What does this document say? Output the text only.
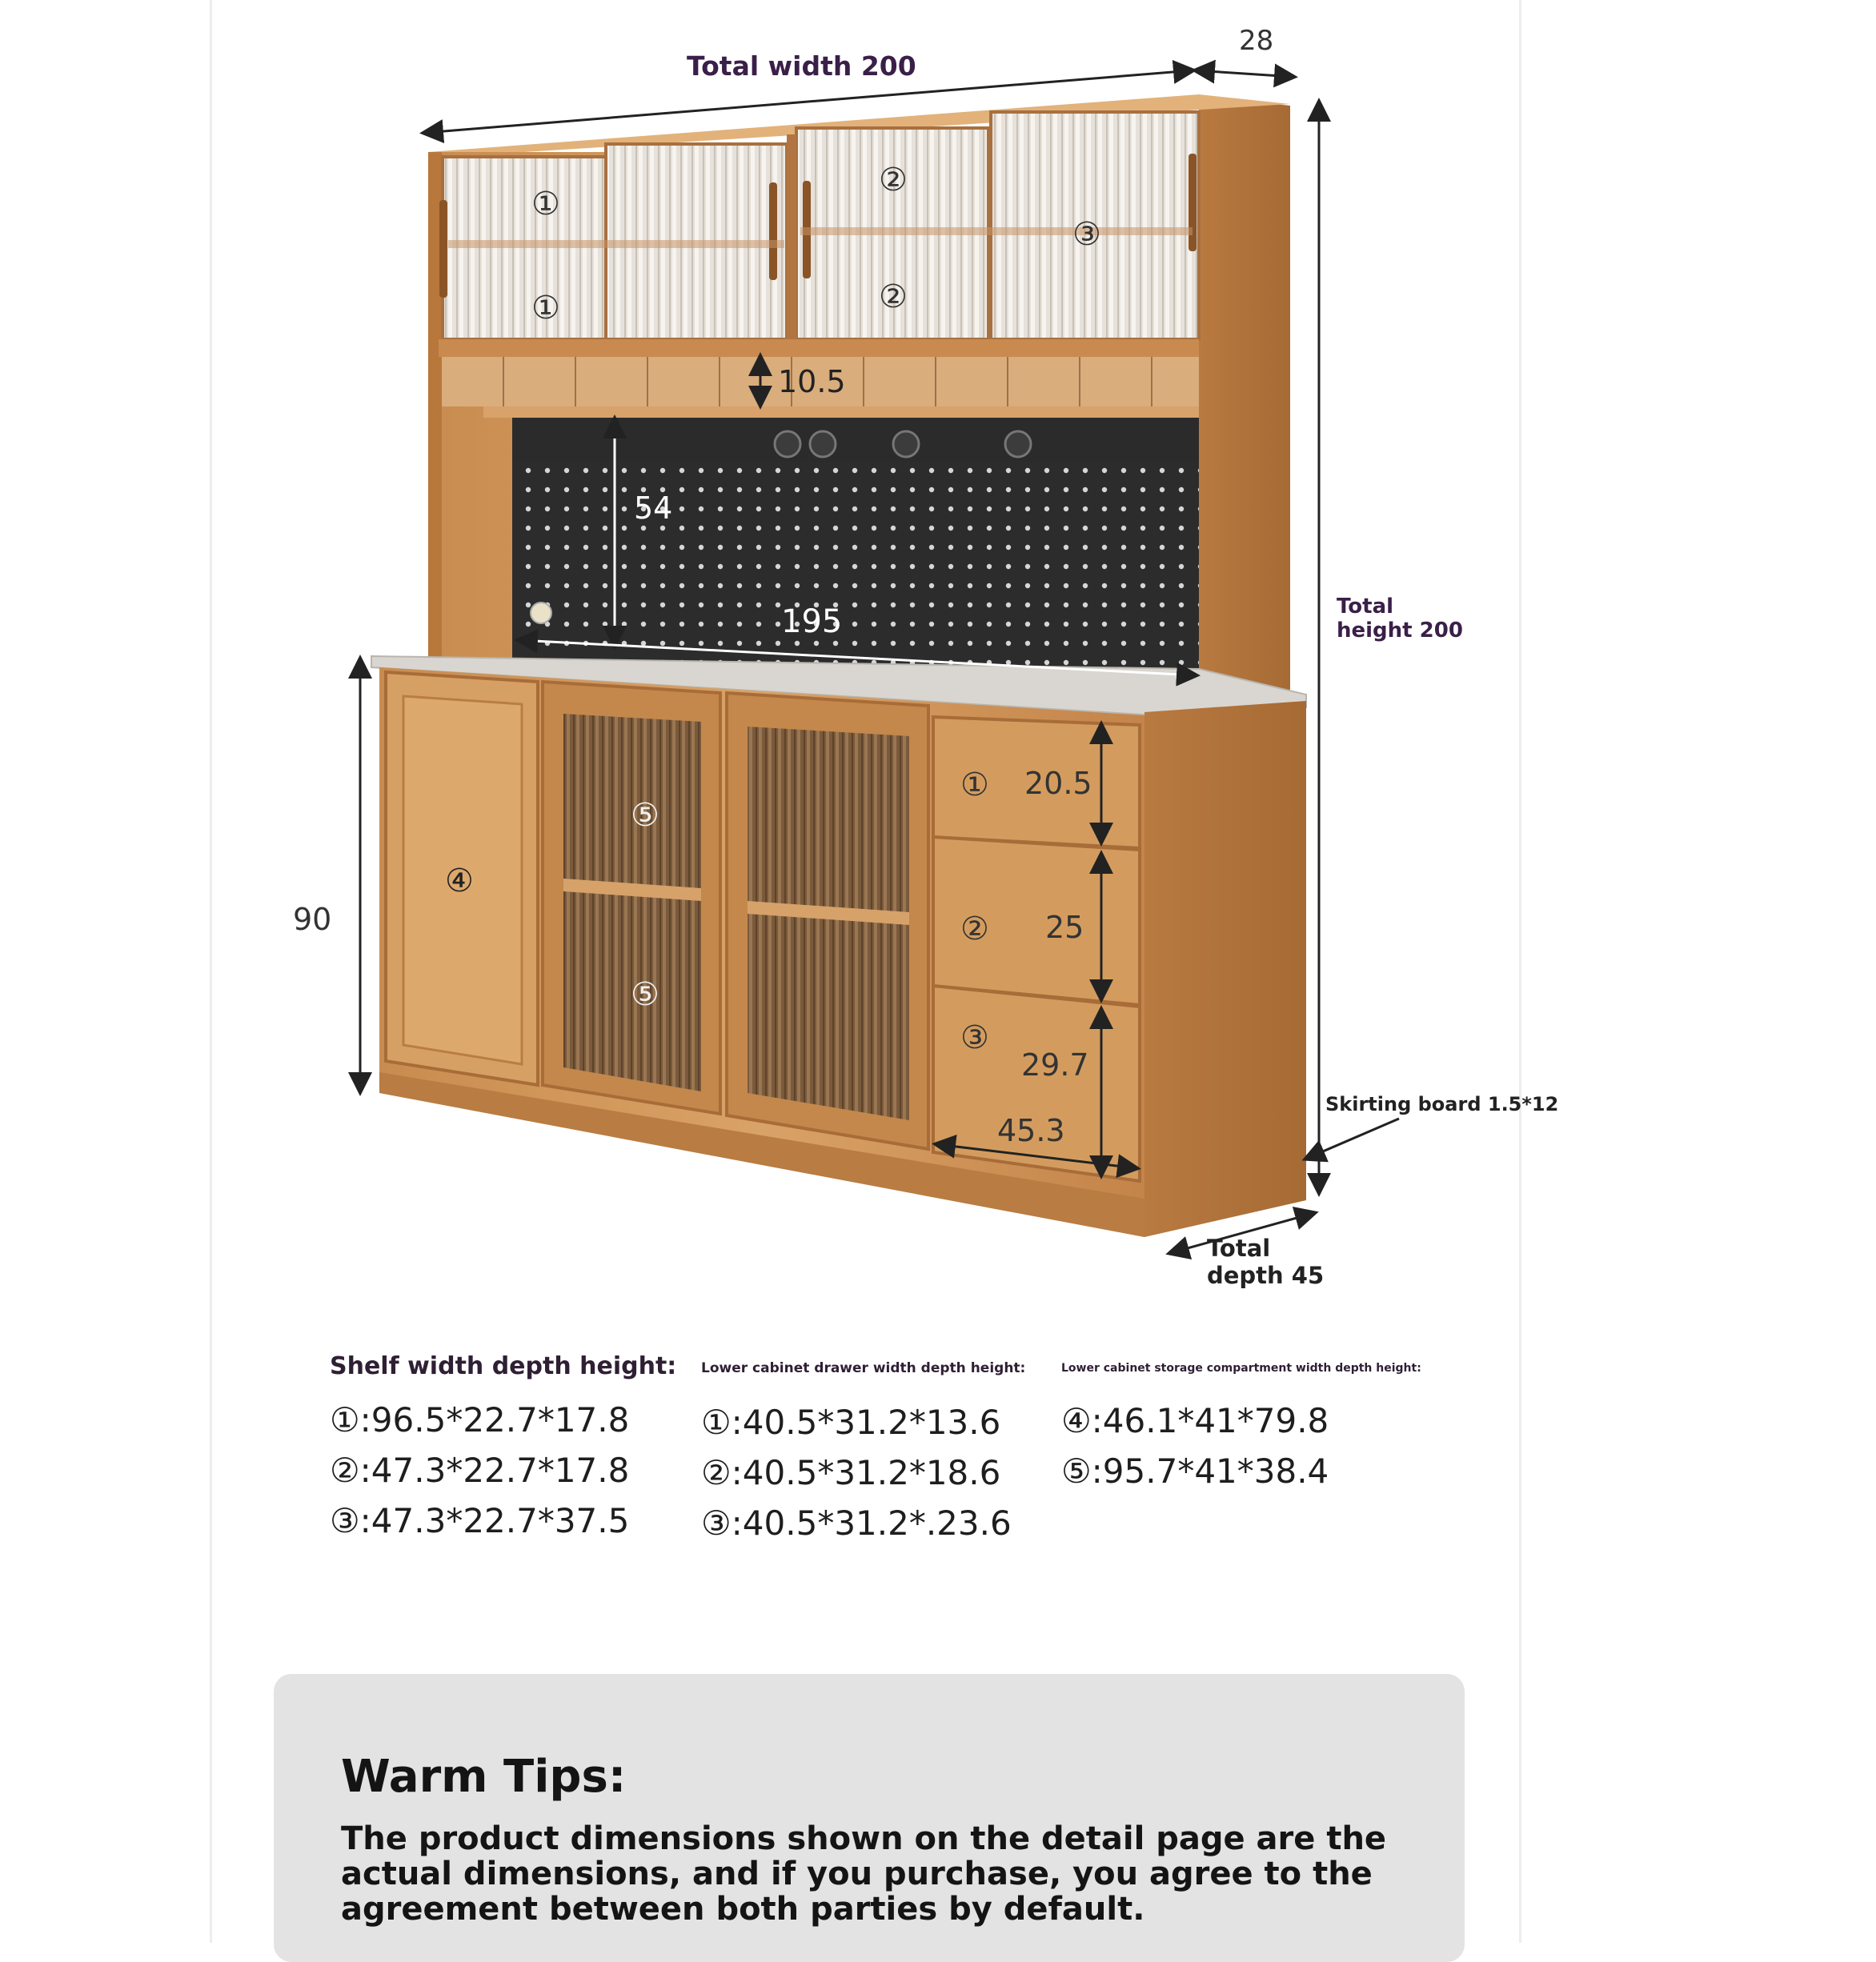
Total width 200
28
Total
height 200
90
10.5
54
195
20.5
25
29.7
45.3
Skirting board 1.5*12
Total
depth 45
①
①
②
②
③
④
⑤
⑤
①
②
③
Shelf width depth height:
①:96.5*22.7*17.8
②:47.3*22.7*17.8
③:47.3*22.7*37.5
Lower cabinet drawer width depth height:
①:40.5*31.2*13.6
②:40.5*31.2*18.6
③:40.5*31.2*.23.6
Lower cabinet storage compartment width depth height:
④:46.1*41*79.8
⑤:95.7*41*38.4
Warm Tips:
The product dimensions shown on the detail page are the actual dimensions, and if you purchase, you agree to the agreement between both parties by default.
